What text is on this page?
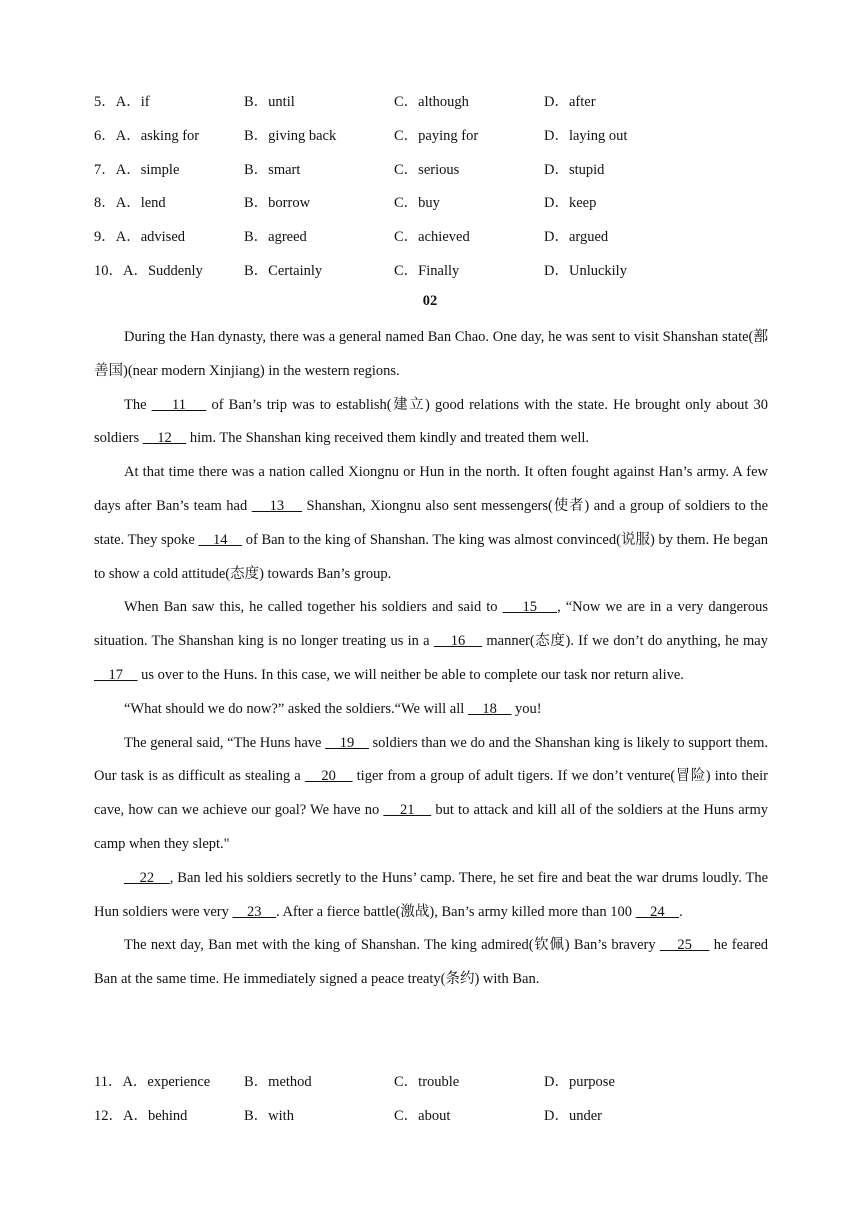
5．A．if	B．until	C．although	D．after
6．A．asking for	B．giving back	C．paying for	D．laying out
7．A．simple	B．smart	C．serious	D．stupid
8．A．lend	B．borrow	C．buy	D．keep
9．A．advised	B．agreed	C．achieved	D．argued
10．A．Suddenly	B．Certainly	C．Finally	D．Unluckily
02

During the Han dynasty, there was a general named Ban Chao. One day, he was sent to visit Shanshan state(鄯善国)(near modern Xinjiang) in the western regions.

The     11     of Ban’s trip was to establish(建立) good relations with the state. He brought only about 30 soldiers     12     him. The Shanshan king received them kindly and treated them well.

At that time there was a nation called Xiongnu or Hun in the north. It often fought against Han’s army. A few days after Ban’s team had     13     Shanshan, Xiongnu also sent messengers(使者) and a group of soldiers to the state. They spoke     14     of Ban to the king of Shanshan. The king was almost convinced(说服) by them. He began to show a cold attitude(态度) towards Ban’s group.

When Ban saw this, he called together his soldiers and said to     15    , “Now we are in a very dangerous situation. The Shanshan king is no longer treating us in a     16     manner(态度). If we don’t do anything, he may     17     us over to the Huns. In this case, we will neither be able to complete our task nor return alive.

“What should we do now?” asked the soldiers.“We will all     18     you!

The general said, “The Huns have     19     soldiers than we do and the Shanshan king is likely to support them. Our task is as difficult as stealing a     20     tiger from a group of adult tigers. If we don’t venture(冒险) into their cave, how can we achieve our goal? We have no     21     but to attack and kill all of the soldiers at the Huns army camp when they slept."

22    , Ban led his soldiers secretly to the Huns’ camp. There, he set fire and beat the war drums loudly. The Hun soldiers were very     23    . After a fierce battle(激战), Ban’s army killed more than 100     24    .

The next day, Ban met with the king of Shanshan. The king admired(钦佩) Ban’s bravery     25     he feared Ban at the same time. He immediately signed a peace treaty(条约) with Ban.

11．A．experience B．method	C．trouble	D．purpose
12．A．behind	B．with	C．about	D．under
